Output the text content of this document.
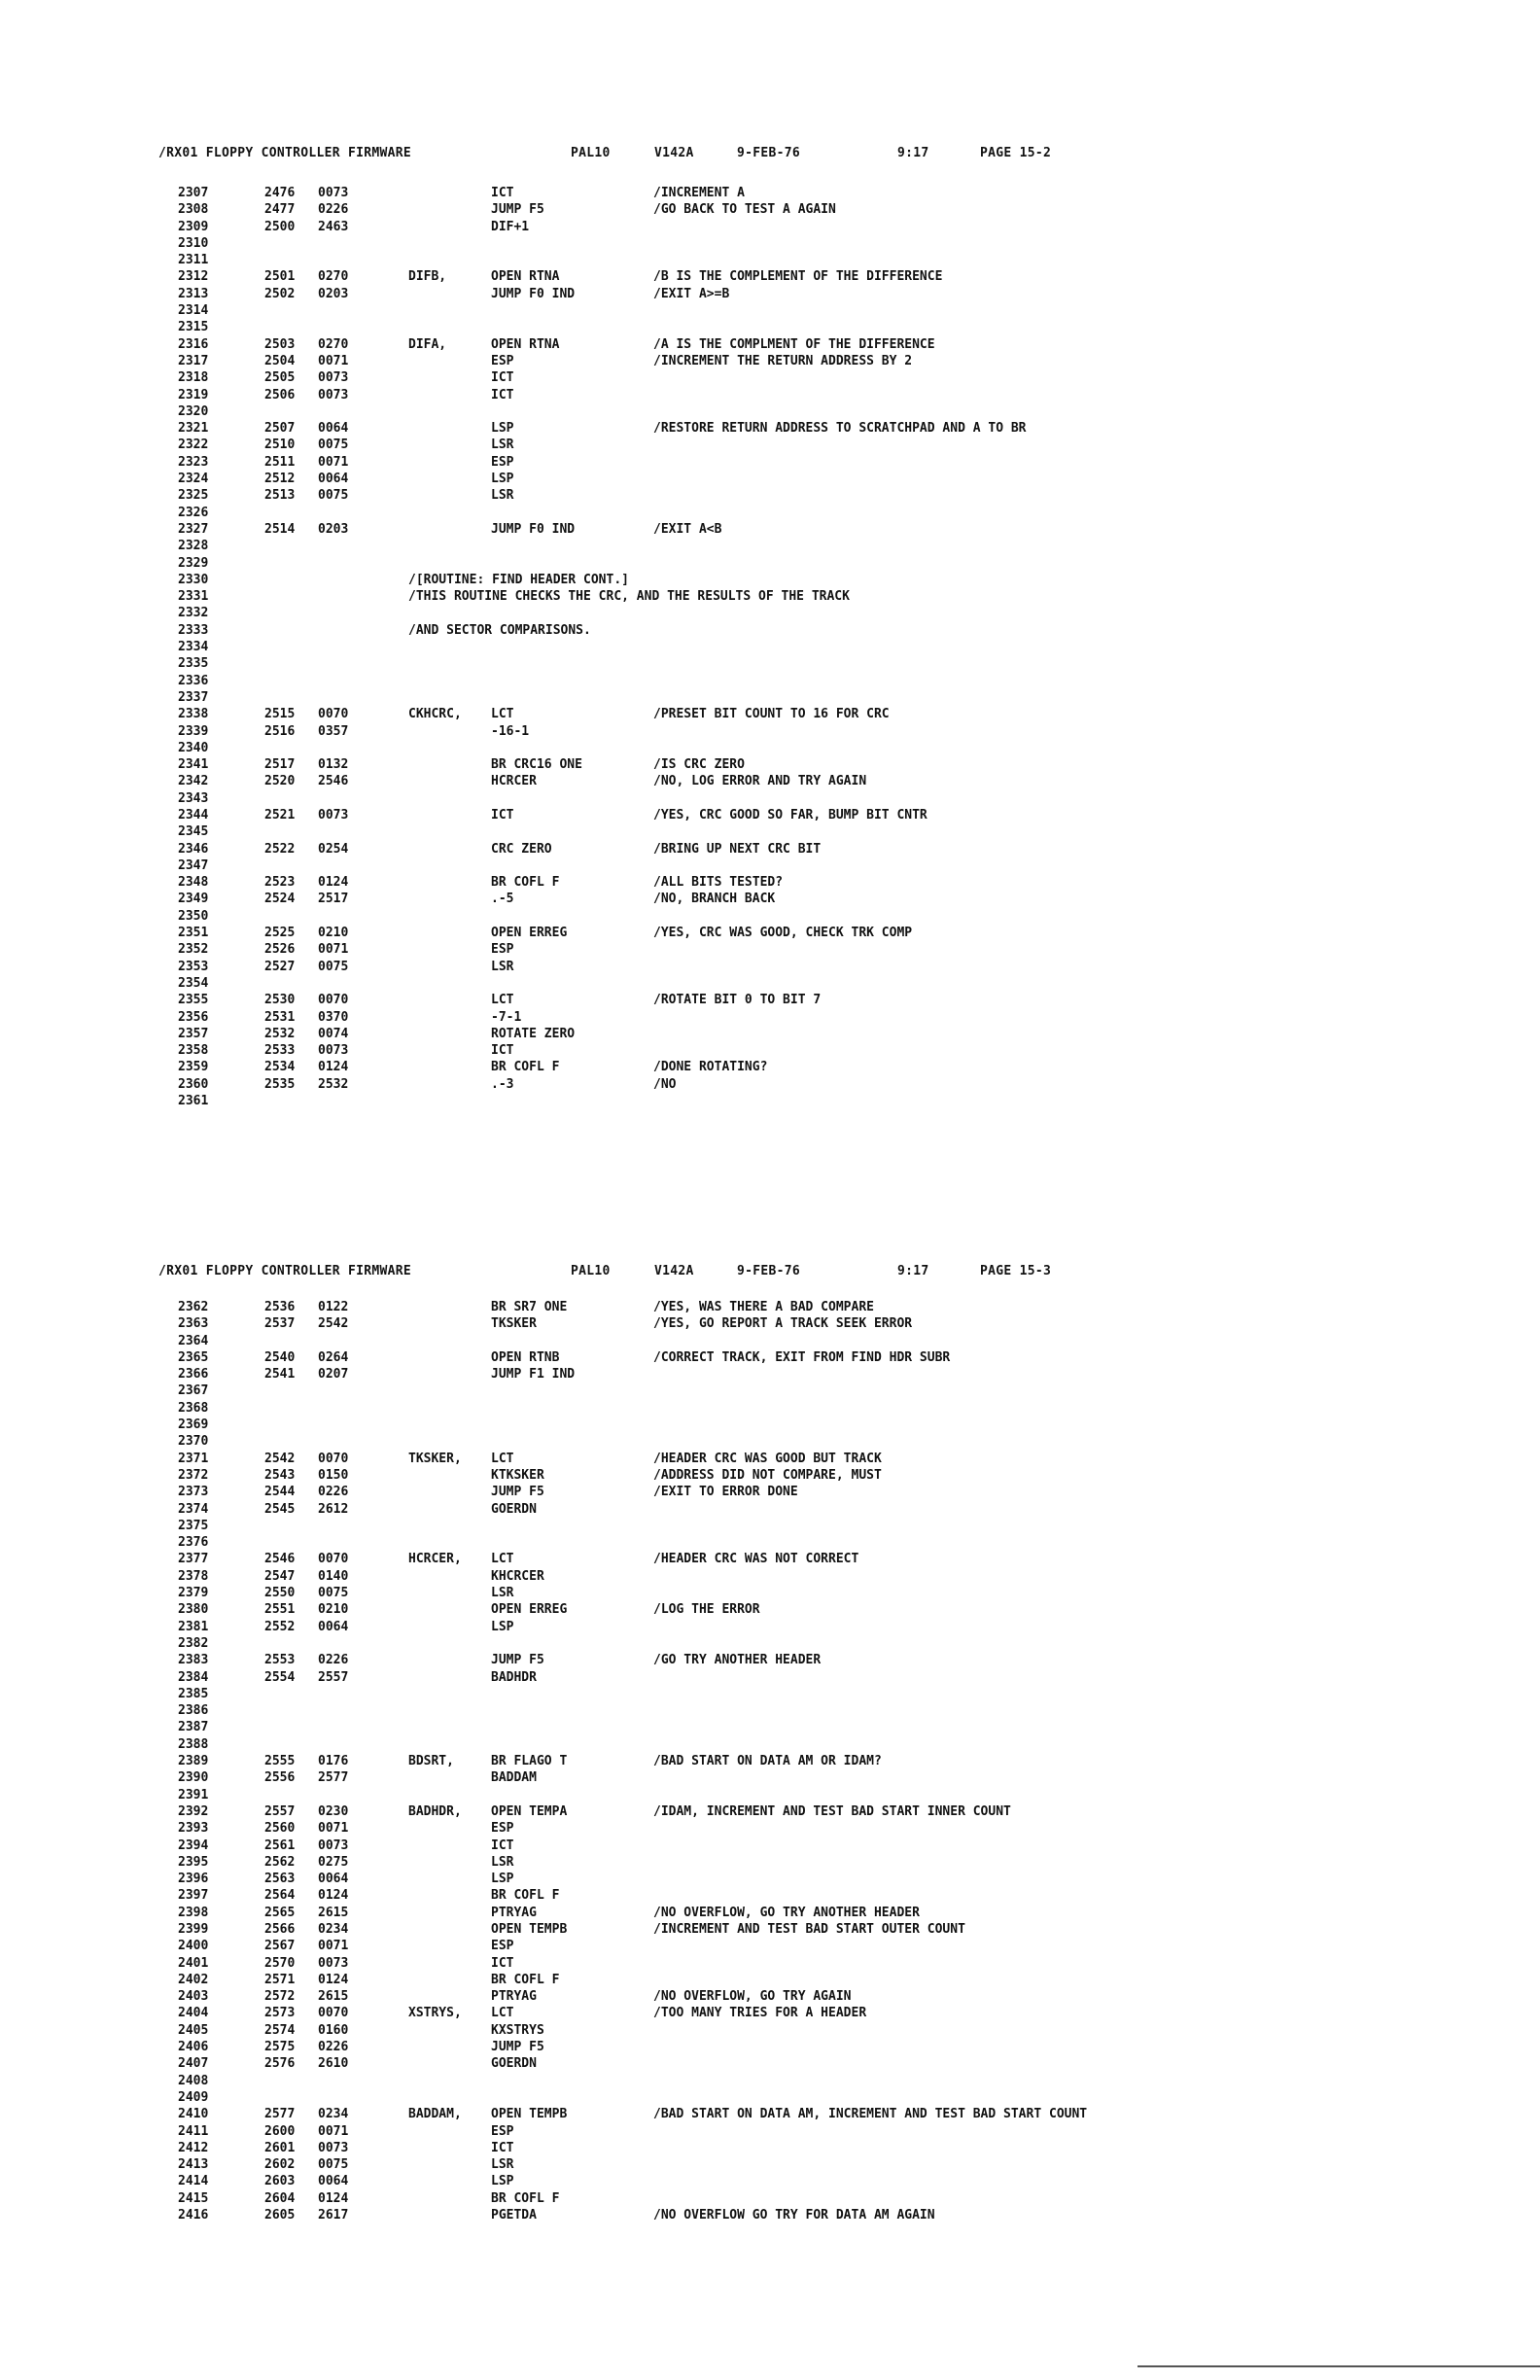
/RX01 FLOPPY CONTROLLER FIRMWARE

	PAL10

	V142A

	9-FEB-76

	9:17

	PAGE 15-2

2307	2476 0073	ICT	/INCREMENT A
2308	2477 0226	JUMP F5	/GO BACK TO TEST A AGAIN
2309	2500 2463	DIF+1
2310
2311
2312	2501 0270	DIFB,	OPEN RTNA	/B IS THE COMPLEMENT OF THE DIFFERENCE
2313	2502 0203	JUMP F0 IND	/EXIT A>=B
2314
2315
2316	2503 0270	DIFA,	OPEN RTNA	/A IS THE COMPLMENT OF THE DIFFERENCE
2317	2504 0071	ESP	/INCREMENT THE RETURN ADDRESS BY 2
2318	2505 0073	ICT
2319	2506 0073	ICT
2320
2321	2507 0064	LSP	/RESTORE RETURN ADDRESS TO SCRATCHPAD AND A TO BR
2322	2510 0075	LSR
2323	2511 0071	ESP
2324	2512 0064	LSP
2325	2513 0075	LSR
2326
2327	2514 0203	JUMP F0 IND	/EXIT A<B
2328
2329
2330	/[ROUTINE: FIND HEADER CONT.]
2331	/THIS ROUTINE CHECKS THE CRC, AND THE RESULTS OF THE TRACK
2332
2333	/AND SECTOR COMPARISONS.
2334
2335
2336
2337
2338	2515 0070	CKHCRC, LCT	/PRESET BIT COUNT TO 16 FOR CRC
2339	2516 0357	-16-1
2340
2341	2517 0132	BR CRC16 ONE	/IS CRC ZERO
2342	2520 2546	HCRCER	/NO, LOG ERROR AND TRY AGAIN
2343
2344	2521 0073	ICT	/YES, CRC GOOD SO FAR, BUMP BIT CNTR
2345
2346	2522 0254	CRC ZERO	/BRING UP NEXT CRC BIT
2347
2348	2523 0124	BR COFL F	/ALL BITS TESTED?
2349	2524 2517	.-5	/NO, BRANCH BACK
2350
2351	2525 0210	OPEN ERREG	/YES, CRC WAS GOOD, CHECK TRK COMP
2352	2526 0071	ESP
2353	2527 0075	LSR
2354
2355	2530 0070	LCT	/ROTATE BIT 0 TO BIT 7
2356	2531 0370	-7-1
2357	2532 0074	ROTATE ZERO
2358	2533 0073	ICT
2359	2534 0124	BR COFL F	/DONE ROTATING?
2360	2535 2532	.-3	/NO
2361

/RX01 FLOPPY CONTROLLER FIRMWARE

	PAL10

	V142A

	9-FEB-76

	9:17

	PAGE 15-3

2362	2536 0122	BR SR7 ONE	/YES, WAS THERE A BAD COMPARE
2363	2537 2542	TKSKER	/YES, GO REPORT A TRACK SEEK ERROR
2364
2365	2540 0264	OPEN RTNB	/CORRECT TRACK, EXIT FROM FIND HDR SUBR
2366	2541 0207	JUMP F1 IND
2367
2368
2369
2370
2371	2542 0070	TKSKER, LCT	/HEADER CRC WAS GOOD BUT TRACK
2372	2543 0150	KTKSKER	/ADDRESS DID NOT COMPARE, MUST
2373	2544 0226	JUMP F5	/EXIT TO ERROR DONE
2374	2545 2612	GOERDN
2375
2376
2377	2546 0070	HCRCER, LCT	/HEADER CRC WAS NOT CORRECT
2378	2547 0140	KHCRCER
2379	2550 0075	LSR
2380	2551 0210	OPEN ERREG	/LOG THE ERROR
2381	2552 0064	LSP
2382
2383	2553 0226	JUMP F5	/GO TRY ANOTHER HEADER
2384	2554 2557	BADHDR
2385
2386
2387
2388
2389	2555 0176	BDSRT,	BR FLAGO T	/BAD START ON DATA AM OR IDAM?
2390	2556 2577	BADDAM
2391
2392	2557 0230	BADHDR, OPEN TEMPA	/IDAM, INCREMENT AND TEST BAD START INNER COUNT
2393	2560 0071	ESP
2394	2561 0073	ICT
2395	2562 0275	LSR
2396	2563 0064	LSP
2397	2564 0124	BR COFL F
2398	2565 2615	PTRYAG	/NO OVERFLOW, GO TRY ANOTHER HEADER
2399	2566 0234	OPEN TEMPB	/INCREMENT AND TEST BAD START OUTER COUNT
2400	2567 0071	ESP
2401	2570 0073	ICT
2402	2571 0124	BR COFL F
2403	2572 2615	PTRYAG	/NO OVERFLOW, GO TRY AGAIN
2404	2573 0070	XSTRYS, LCT	/TOO MANY TRIES FOR A HEADER
2405	2574 0160	KXSTRYS
2406	2575 0226	JUMP F5
2407	2576 2610	GOERDN
2408
2409
2410	2577 0234	BADDAM, OPEN TEMPB	/BAD START ON DATA AM, INCREMENT AND TEST BAD START COUNT
2411	2600 0071	ESP
2412	2601 0073	ICT
2413	2602 0075	LSR
2414	2603 0064	LSP
2415	2604 0124	BR COFL F
2416	2605 2617	PGETDA	/NO OVERFLOW GO TRY FOR DATA AM AGAIN
